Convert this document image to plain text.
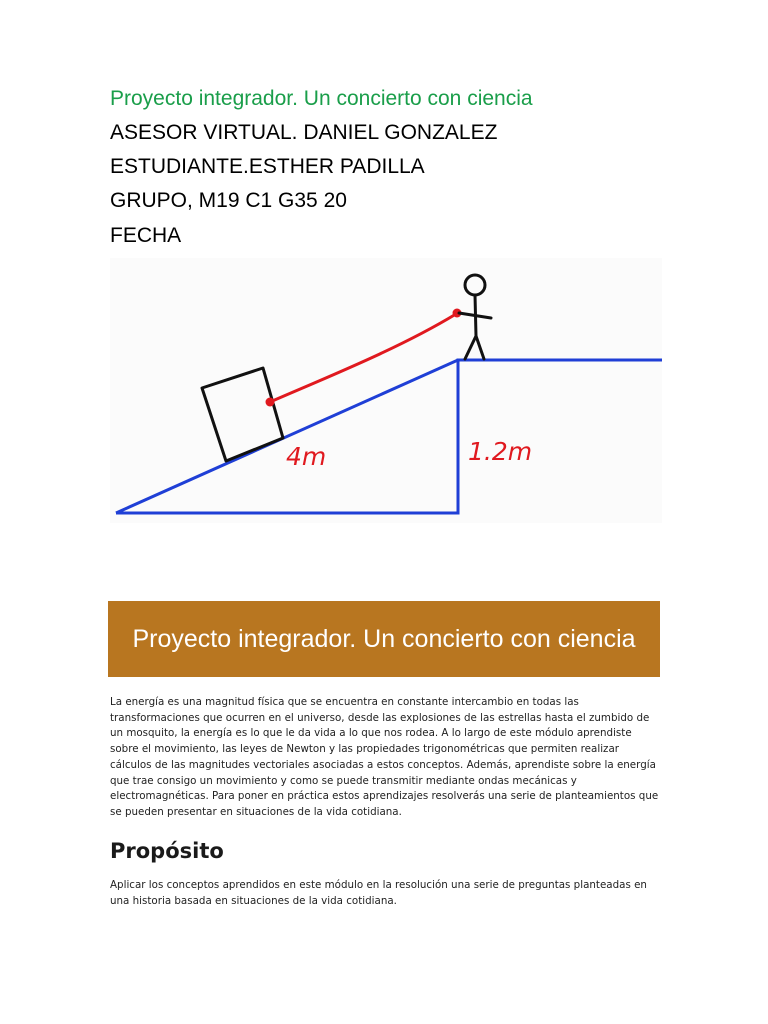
Proyecto integrador. Un concierto con ciencia
ASESOR VIRTUAL. DANIEL GONZALEZ
ESTUDIANTE.ESTHER PADILLA
GRUPO, M19 C1 G35 20
FECHA
4m	1.2m
Proyecto integrador. Un concierto con ciencia
La energía es una magnitud física que se encuentra en constante intercambio en todas las transformaciones que ocurren en el universo, desde las explosiones de las estrellas hasta el zumbido de un mosquito, la energía es lo que le da vida a lo que nos rodea. A lo largo de este módulo aprendiste sobre el movimiento, las leyes de Newton y las propiedades trigonométricas que permiten realizar cálculos de las magnitudes vectoriales asociadas a estos conceptos. Además, aprendiste sobre la energía que trae consigo un movimiento y como se puede transmitir mediante ondas mecánicas y electromagnéticas. Para poner en práctica estos aprendizajes resolverás una serie de planteamientos que se pueden presentar en situaciones de la vida cotidiana.
Propósito
Aplicar los conceptos aprendidos en este módulo en la resolución una serie de preguntas planteadas en una historia basada en situaciones de la vida cotidiana.
